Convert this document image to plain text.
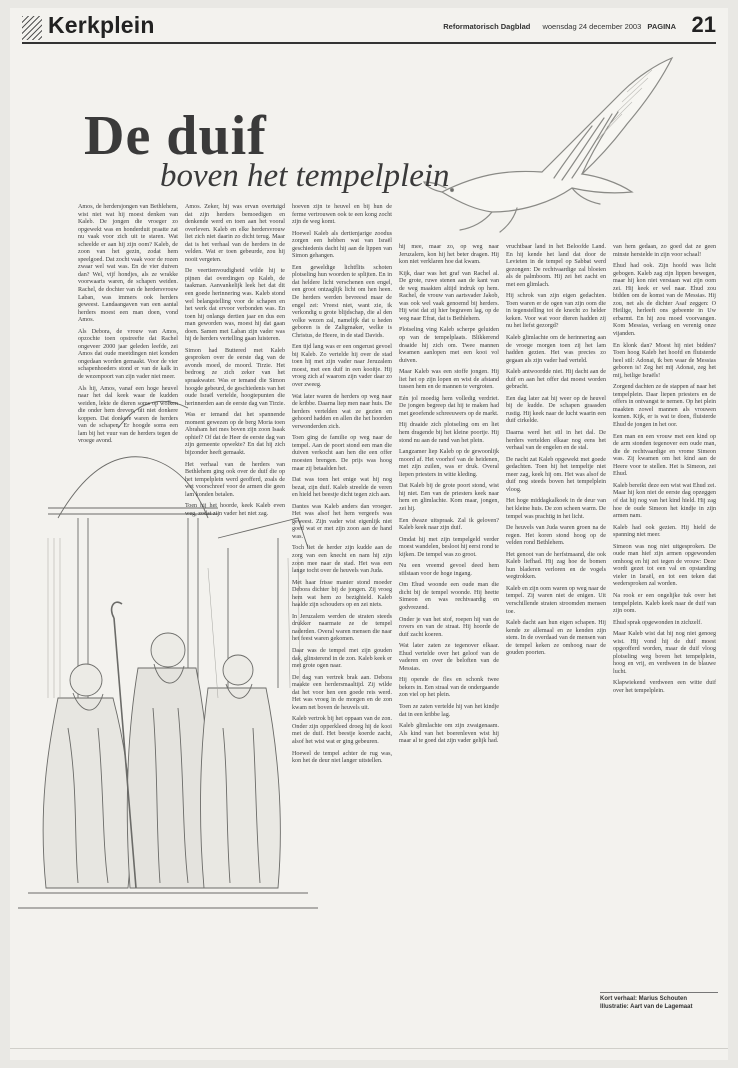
Kerkplein	Reformatorisch Dagblad woensdag 24 december 2003 PAGINA 21
De duif
boven het tempelplein

Amos, de herdersjongen van Bethlehem, wist niet wat hij moest denken van Kaleb. De jongen die vroeger zo opgewekt was en honderduit praatte zat nu vaak voor zich uit te staren. Wat scheelde er aan hij zijn oom? Kaleb, de zoon van het gezin, zodat hem speelgoed. Dat zocht vaak voor de rozen zwaar wel wat was. En de vier duiven dan? Wel, vijf hondjes, als ze wrakke voorwaarts waren, de schapen weiden. Rachel, de dochter van de herdersvrouw Laban, was immers ook herders geweest. Landaangaven van een aantal herders moest een man doen, vond Amos.

Als Debora, de vrouw van Amos, opzochte toen opstreefte dat Rachel ongeveer 2000 jaar geleden leefde, zei Amos dat oude meetdingen niet konden ongedaan worden gemaakt. Voor de vier schapenhoeders stond er van de kalk in de wezenpoort van zijn vader niet meer.

Als hij, Amos, vanaf een hoge heuvel naar het dal keek waar de kudden weiden, lekte de dieren soms op wolken die onder hem dreven, uit niet donkere koppen. Dat donkere waren de herders van de schapen. Er hoogde soms een lam bij het vuur van de herders tegen de vroege avond.

Amos. Zeker, hij was ervan overtuigd dat zijn herders bemoedigen en denkende werd en toen aan het vooral overleven. Kaleb en elke herdersvrouw liet zich niet daarin zo dicht terug. Maar dat is het verhaal van de herders in de velden. Wat er toen gebeurde, zou hij nooit vergeten.

De veertienvoudigheid wilde hij te pijnen dat overdingen op Kaleb, de taakman. Aanvankelijk leek het dat dit een goede herinnering was. Kaleb stond wel belangstelling voor de schapen en het werk dat ervoor verbonden was. En toen hij onlangs dertien jaar en dus een man geworden was, moest hij dat gaan doen. Samen met Laban zijn vader was hij de herders vertelling gaan luisteren.

Simon had Buttered met Kaleb gesproken over de eerste dag van de avonds moed, de moord. Tirzie. Het bedroeg ze zich zeker van het spraakwater. Was er iemand die Simon hoogde gebeurd, de geschiedenis van het oude Israël vertelde, hoogtepunten die herinnerden aan de eerste dag van Tirzie.

Was er iemand dat het spannende moment gewezen op de berg Moria toen Abraham het mes boven zijn zoon Isaak ophief? Of dat de Heer de eerste dag van zijn gemeente opwekte? En dat hij zich bijzonder heeft gemaakt.

Het verhaal van de herders van Bethlehem ging ook over de duif die op het tempelplein werd geofferd, zoals de wet voorschreef voor de armen die geen lam konden betalen.

Toen hij het hoorde, keek Kaleb even weg, zodat zijn vader het niet zag.

hoeven zijn te heuvel en bij hun de ferme vertrouwen ook te een kong zocht zijn de weg komt.

Hoewel Kaleb als dertienjarige zoodus zorgen een hebben wat van Israël geschiedenis dacht hij aan de lippen van Simon gehangen.

Een geweldige lichtflits schoten plotseling hun woorden te splijten. En in dat heldere licht verschenen een engel, een groot ontzaglijk licht om hen heen. De herders werden bevreesd maar de engel zei: Vreest niet, want zie, ik verkondig u grote blijdschap, die al den volke wezen zal, namelijk dat u heden geboren is de Zaligmaker, welke is Christus, de Heere, in de stad Davids.

Een tijd lang was er een ongerust gevoel bij Kaleb. Zo vertelde hij over de stad toen hij met zijn vader naar Jeruzalem moest, met een duif in een kooitje. Hij vroeg zich af waarom zijn vader daar zo over zweeg.

Wat later waren de herders op weg naar de kribbe. Daarna liep men naar huis. De herders vertelden wat ze gezien en gehoord hadden en allen die het hoorden verwonderden zich.

Toen ging de familie op weg naar de tempel. Aan de poort stond een man die duiven verkocht aan hen die een offer moesten brengen. De prijs was hoog maar zij betaalden het.

Dat was toen het enige wat hij nog bezat, zijn duif. Kaleb streelde de veren en hield het beestje dicht tegen zich aan.

Dantes was Kaleb anders dan vroeger. Het was alsof het hem vergeefs was geweest. Zijn vader wist eigenlijk niet goed wat er met zijn zoon aan de hand was.

Toch liet de herder zijn kudde aan de zorg van een knecht en nam hij zijn zoon mee naar de stad. Het was een lange tocht over de heuvels van Juda.

Met haar frisse manier stond moeder Debora dichter bij de jongen. Zij vroeg hem wat hem zo bezighield. Kaleb haalde zijn schouders op en zei niets.

In Jeruzalem werden de straten steeds drukker naarmate ze de tempel naderden. Overal waren mensen die naar het feest waren gekomen.

Daar was de tempel met zijn gouden dak, glinsterend in de zon. Kaleb keek er met grote ogen naar.

De dag van vertrek brak aan. Debora maakte een herdersmaaltijd. Zij wilde dat het voor hen een goede reis werd. Het was vroeg in de morgen en de zon kwam net boven de heuvels uit.

Kaleb vertrok bij het oppaan van de zon. Onder zijn opperkleed droeg hij de kooi met de duif. Het beestje koerde zacht, alsof het wist wat er ging gebeuren.

Hoewel de tempel achter de rug was, kon het de deur niet langer uitstellen.

hij mee, maar zo, op weg naar Jeruzalem, kon hij het beter dragen. Hij kon niet verklaren hoe dat kwam.

Kijk, daar was het graf van Rachel al. De grote, ruwe stenen aan de kant van de weg maakten altijd indruk op hem. Rachel, de vrouw van aartsvader Jakob, was ook wel vaak genoemd bij herders. Hij wist dat zij hier begraven lag, op de weg naar Efrat, dat is Bethlehem.

Plotseling ving Kaleb scherpe geluiden op van de tempelplaats. Blikkerend draaide hij zich om. Twee mannen kwamen aanlopen met een kooi vol duiven.

Maar Kaleb was een stoffe jongen. Hij liet het op zijn lopen en wist de afstand tussen hem en de mannen te vergroten.

Eén jol moedig hem volledig verdriet. De jongen begreep dat hij te maken had met geoefende schreeuwers op de markt.

Hij draaide zich plotseling om en liet hem dragende bij het kleine poortje. Hij stond nu aan de rand van het plein.

Langzamer liep Kaleb op de gewoonlijk moord af. Het voorhof van de heidenen, met zijn zuilen, was er druk. Overal liepen priesters in witte kleding.

Dat Kaleb bij de grote poort stond, wist hij niet. Een van de priesters keek naar hem en glimlachte. Kom maar, jongen, zei hij.

Een dwaze uitspraak. Zal ik geloven? Kaleb keek naar zijn duif.

Omdat hij met zijn tempelgeld verder moest wandelen, besloot hij eerst rond te kijken. De tempel was zo groot.

Nu een vreemd gevoel deed hem stilstaan voor de hoge ingang.

Om Ehud woonde een oude man die dicht bij de tempel woonde. Hij heette Simeon en was rechtvaardig en godvrezend.

Onder je van het stof, roepen hij van de rovers en van de straat. Hij hoorde de duif zacht koeren.

Wat later zaten ze tegenover elkaar. Ehud vertelde over het geloof van de vaderen en over de beloften van de Messias.

Hij opende de fles en schonk twee bekers in. Een straal van de ondergaande zon viel op het plein.

Toen ze zaten vertelde hij van het kindje dat in een kribbe lag.

Kaleb glimlachte om zijn zwaigenaam. Als kind van het boerenleven wist hij maar al te goed dat zijn vader gelijk had.

vruchtbaar land in het Beloofde Land. En hij kende het land dat door de Levieten in de tempel op Sabbat werd gezongen: De rechtvaardige zal bloeien als de palmboom. Hij zei het zacht en met een glimlach.

Hij schrok van zijn eigen gedachten. Toen waren er de ogen van zijn oom die in tegenstelling tot de knecht zo helder keken. Voor wat voor dieren hadden zij nu het liefst gezorgd?

Kaleb glimlachte om de herinnering aan de vroege morgen toen zij het lam hadden gezien. Het was precies zo gegaan als zijn vader had verteld.

Kaleb antwoordde niet. Hij dacht aan de duif en aan het offer dat moest worden gebracht.

Een dag later zat hij weer op de heuvel bij de kudde. De schapen graasden rustig. Hij keek naar de lucht waarin een duif cirkelde.

Daarna werd het stil in het dal. De herders vertelden elkaar nog eens het verhaal van de engelen en de stal.

De nacht zat Kaleb opgewekt met goede gedachten. Toen hij het tempeltje niet meer zag, keek hij om. Het was alsof de duif nog steeds boven het tempelplein vloog.

Het hoge middagkalkoek in de deur van het kleine huis. De zon scheen warm. De tempel was prachtig in het licht.

De heuvels van Juda waren groen na de regen. Het koren stond hoog op de velden rond Bethlehem.

Het genoot van de herfstmaand, die ook Kaleb liefhad. Hij zag hoe de bomen hun bladeren verloren en de vogels wegtrokken.

Kaleb en zijn oom waren op weg naar de tempel. Zij waren niet de enigen. Uit verschillende straten stroomden mensen toe.

Kaleb dacht aan hun eigen schapen. Hij kende ze allemaal en ze kenden zijn stem. In de overdaad van de mensen van de tempel keken ze omhoog naar de gouden poorten.

van hem gedaan, zo goed dat ze geen minste herstelde in zijn voor schaal!

Ehud had ook. Zijn hoofd was licht gebogen. Kaleb zag zijn lippen bewegen, maar hij kon niet verstaan wat zijn oom zei. Hij keek er wel naar. Ehud zou bidden om de komst van de Messias. Hij zou, net als de dichter Asaf zeggen: O Heilige, herleeft ons gebeente in Uw erbarmt. En hij zou moed voorvangen. Kom Messias, verlaag en verenig onze vijanden.

En klonk dan? Moest hij niet bidden? Toen hoog Kaleb het hoofd en fluisterde heel stil: Adonai, ik ben waar de Messias geboren is! Zeg het mij Adonai, zeg het mij, heilige Israëls!

Zorgend dachten ze de stappen af naar het tempelplein. Daar liepen priesters en de offers in ontvangst te nemen. Op het plein maakten zowel mannen als vrouwen komen. Kijk, er is wat te doen, fluisterde Ehud de jongen in het oor.

Een man en een vrouw met een kind op de arm stonden tegenover een oude man, die de rechtvaardige en vrome Simeon was. Zij kwamen om het kind aan de Heere voor te stellen. Het is Simeon, zei Ehud.

Kaleb bereikt deze een wist wat Ehud zei. Maar hij kon niet de eerste dag opzeggen of dat hij nog van het kind hield. Hij zag hoe de oude Simeon het kindje in zijn armen nam.

Kaleb had ook gezien. Hij hield de spanning niet meer.

Simeon was nog niet uitgesproken. De oude man hief zijn armen opgewonden omhoog en hij zei tegen de vrouw: Deze wordt gezet tot een val en opstanding vieler in Israël, en tot een teken dat wedersproken zal worden.

Na rook er een ongelijke tuk over het tempelplein. Kaleb keek naar de duif van zijn oom.

Ehud sprak opgewonden in zichzelf.

Maar Kaleb wist dat hij nog niet genoeg wist. Hij vond hij de duif moest opgeofferd worden, maar de duif vloog plotseling weg boven het tempelplein, hoog en vrij, en verdween in de blauwe lucht.

Klapwiekend verdween een witte duif over het tempelplein.

Kort verhaal: Marius Schouten
Illustratie: Aart van de Lagemaat
